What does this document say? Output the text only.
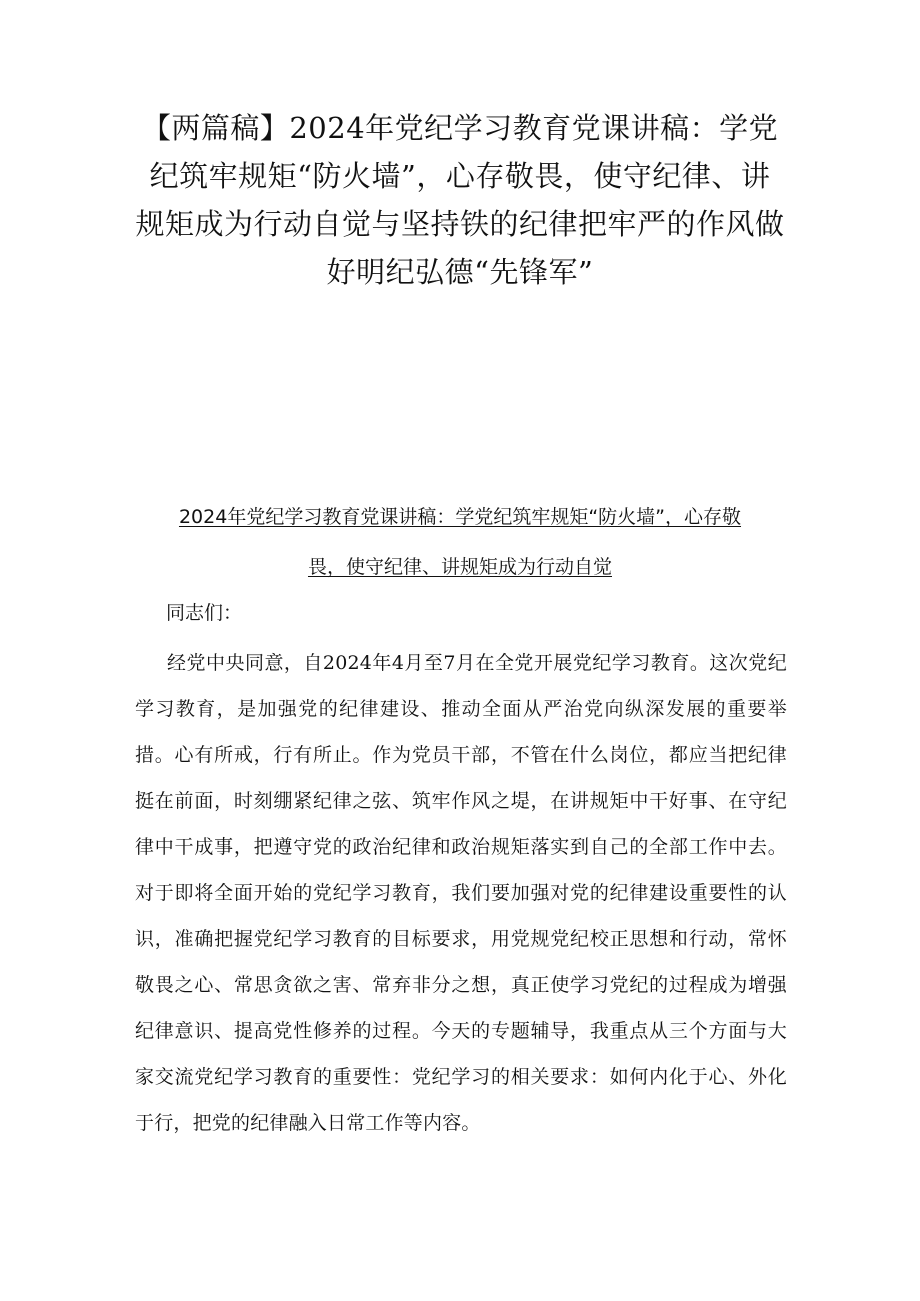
【两篇稿】2024年党纪学习教育党课讲稿：学党纪筑牢规矩“防火墙”，心存敬畏，使守纪律、讲规矩成为行动自觉与坚持铁的纪律把牢严的作风做好明纪弘德“先锋军”
2024年党纪学习教育党课讲稿：学党纪筑牢规矩“防火墙”，心存敬
畏，使守纪律、讲规矩成为行动自觉

同志们：

经党中央同意，自2024年4月至7月在全党开展党纪学习教育。这次党纪学习教育，是加强党的纪律建设、推动全面从严治党向纵深发展的重要举措。心有所戒，行有所止。作为党员干部，不管在什么岗位，都应当把纪律挺在前面，时刻绷紧纪律之弦、筑牢作风之堤，在讲规矩中干好事、在守纪律中干成事，把遵守党的政治纪律和政治规矩落实到自己的全部工作中去。对于即将全面开始的党纪学习教育，我们要加强对党的纪律建设重要性的认识，准确把握党纪学习教育的目标要求，用党规党纪校正思想和行动，常怀敬畏之心、常思贪欲之害、常弃非分之想，真正使学习党纪的过程成为增强纪律意识、提高党性修养的过程。今天的专题辅导，我重点从三个方面与大家交流党纪学习教育的重要性：党纪学习的相关要求：如何内化于心、外化于行，把党的纪律融入日常工作等内容。
